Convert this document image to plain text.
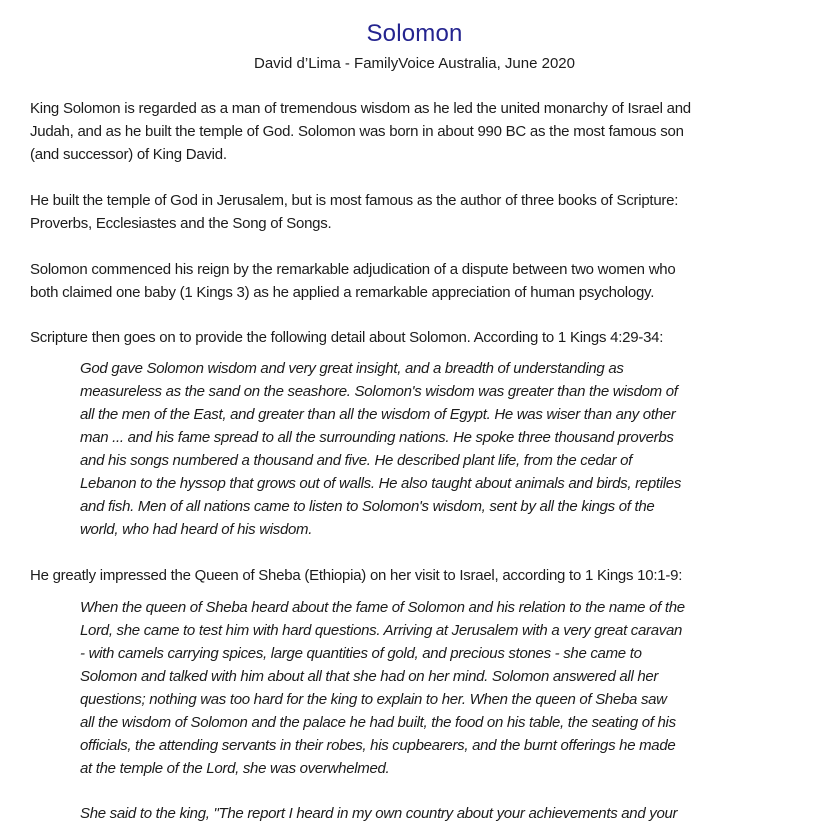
Solomon
David d’Lima - FamilyVoice Australia, June 2020
King Solomon is regarded as a man of tremendous wisdom as he led the united monarchy of Israel and
Judah, and as he built the temple of God. Solomon was born in about 990 BC as the most famous son
(and successor) of King David.
He built the temple of God in Jerusalem, but is most famous as the author of three books of Scripture:
Proverbs, Ecclesiastes and the Song of Songs.
Solomon commenced his reign by the remarkable adjudication of a dispute between two women who
both claimed one baby (1 Kings 3) as he applied a remarkable appreciation of human psychology.
Scripture then goes on to provide the following detail about Solomon. According to 1 Kings 4:29-34:
God gave Solomon wisdom and very great insight, and a breadth of understanding as
measureless as the sand on the seashore. Solomon's wisdom was greater than the wisdom of
all the men of the East, and greater than all the wisdom of Egypt. He was wiser than any other
man ... and his fame spread to all the surrounding nations. He spoke three thousand proverbs
and his songs numbered a thousand and five. He described plant life, from the cedar of
Lebanon to the hyssop that grows out of walls. He also taught about animals and birds, reptiles
and fish. Men of all nations came to listen to Solomon's wisdom, sent by all the kings of the
world, who had heard of his wisdom.
He greatly impressed the Queen of Sheba (Ethiopia) on her visit to Israel, according to 1 Kings 10:1-9:
When the queen of Sheba heard about the fame of Solomon and his relation to the name of the
Lord, she came to test him with hard questions. Arriving at Jerusalem with a very great caravan
- with camels carrying spices, large quantities of gold, and precious stones - she came to
Solomon and talked with him about all that she had on her mind. Solomon answered all her
questions; nothing was too hard for the king to explain to her. When the queen of Sheba saw
all the wisdom of Solomon and the palace he had built, the food on his table, the seating of his
officials, the attending servants in their robes, his cupbearers, and the burnt offerings he made
at the temple of the Lord, she was overwhelmed.
She said to the king, "The report I heard in my own country about your achievements and your
